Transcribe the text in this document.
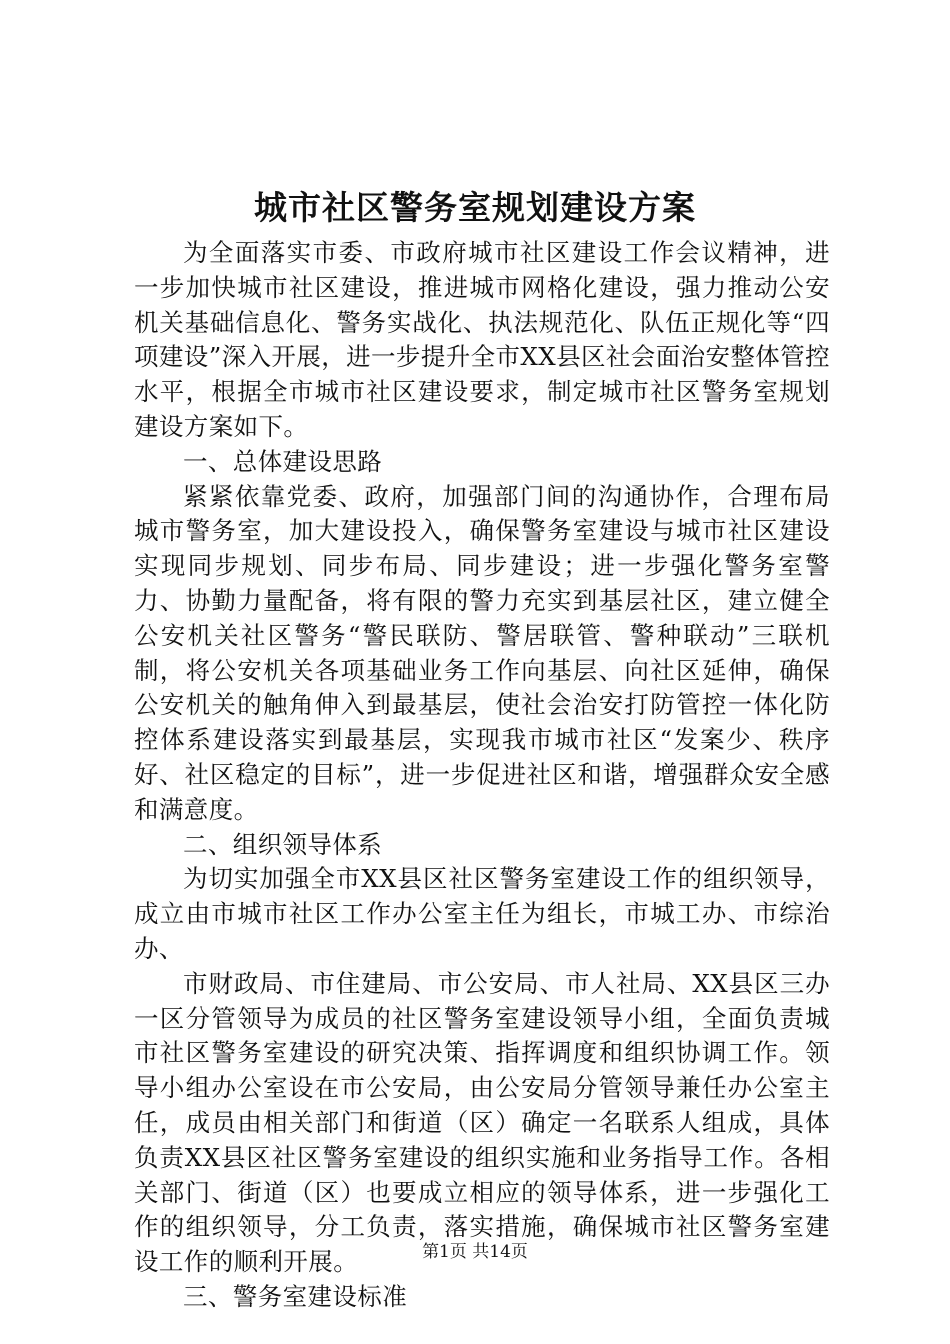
城市社区警务室规划建设方案

为全面落实市委、市政府城市社区建设工作会议精神，进一步加快城市社区建设，推进城市网格化建设，强力推动公安机关基础信息化、警务实战化、执法规范化、队伍正规化等“四项建设”深入开展，进一步提升全市XX县区社会面治安整体管控水平，根据全市城市社区建设要求，制定城市社区警务室规划建设方案如下。

一、总体建设思路

紧紧依靠党委、政府，加强部门间的沟通协作，合理布局城市警务室，加大建设投入，确保警务室建设与城市社区建设实现同步规划、同步布局、同步建设；进一步强化警务室警力、协勤力量配备，将有限的警力充实到基层社区，建立健全公安机关社区警务“警民联防、警居联管、警种联动”三联机制，将公安机关各项基础业务工作向基层、向社区延伸，确保公安机关的触角伸入到最基层，使社会治安打防管控一体化防控体系建设落实到最基层，实现我市城市社区“发案少、秩序好、社区稳定的目标”，进一步促进社区和谐，增强群众安全感和满意度。

二、组织领导体系

为切实加强全市XX县区社区警务室建设工作的组织领导，成立由市城市社区工作办公室主任为组长，市城工办、市综治办、

市财政局、市住建局、市公安局、市人社局、XX县区三办一区分管领导为成员的社区警务室建设领导小组，全面负责城市社区警务室建设的研究决策、指挥调度和组织协调工作。领导小组办公室设在市公安局，由公安局分管领导兼任办公室主任，成员由相关部门和街道（区）确定一名联系人组成，具体负责XX县区社区警务室建设的组织实施和业务指导工作。各相关部门、街道（区）也要成立相应的领导体系，进一步强化工作的组织领导，分工负责，落实措施，确保城市社区警务室建设工作的顺利开展。

三、警务室建设标准

第1页 共14页
